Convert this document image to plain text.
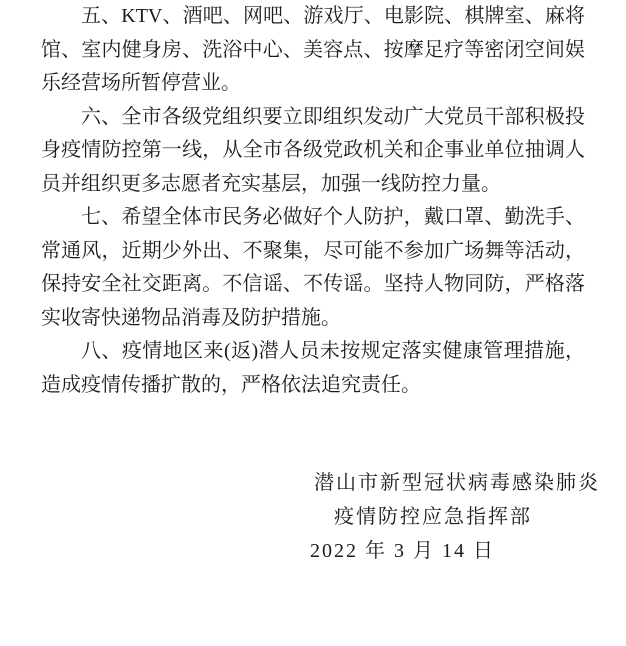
五、KTV、酒吧、网吧、游戏厅、电影院、棋牌室、麻将馆、室内健身房、洗浴中心、美容点、按摩足疗等密闭空间娱乐经营场所暂停营业。

六、全市各级党组织要立即组织发动广大党员干部积极投身疫情防控第一线，从全市各级党政机关和企事业单位抽调人员并组织更多志愿者充实基层，加强一线防控力量。

七、希望全体市民务必做好个人防护，戴口罩、勤洗手、常通风，近期少外出、不聚集，尽可能不参加广场舞等活动，保持安全社交距离。不信谣、不传谣。坚持人物同防，严格落实收寄快递物品消毒及防护措施。

八、疫情地区来(返)潜人员未按规定落实健康管理措施，造成疫情传播扩散的，严格依法追究责任。

潜山市新型冠状病毒感染肺炎
疫情防控应急指挥部
2022 年 3 月 14 日
